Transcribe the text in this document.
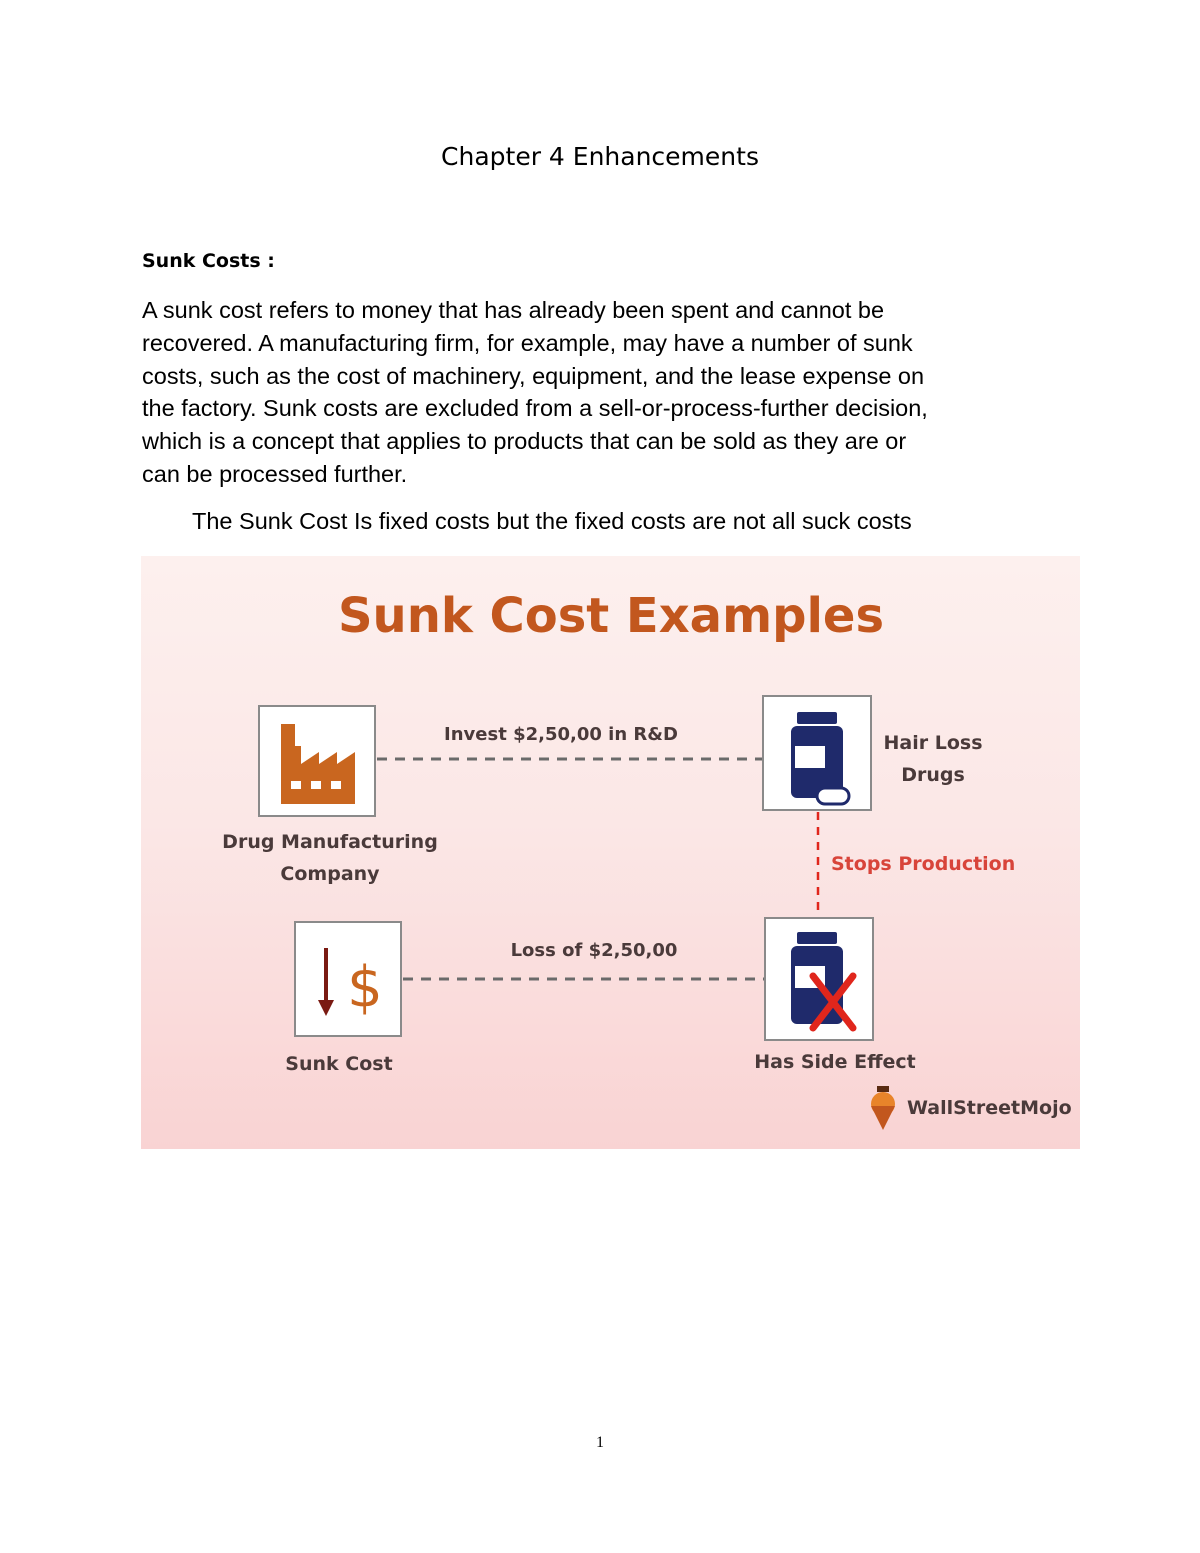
Chapter 4 Enhancements
Sunk Costs :
A sunk cost refers to money that has already been spent and cannot be
recovered. A manufacturing firm, for example, may have a number of sunk
costs, such as the cost of machinery, equipment, and the lease expense on
the factory. Sunk costs are excluded from a sell-or-process-further decision,
which is a concept that applies to products that can be sold as they are or
can be processed further.
The Sunk Cost Is fixed costs but the fixed costs are not all suck costs
Sunk Cost Examples
Drug Manufacturing
Company
Invest $2,50,00 in R&D	Hair Loss
Drugs
Stops Production
$
Sunk Cost
Loss of $2,50,00
Has Side Effect
WallStreetMojo
1
